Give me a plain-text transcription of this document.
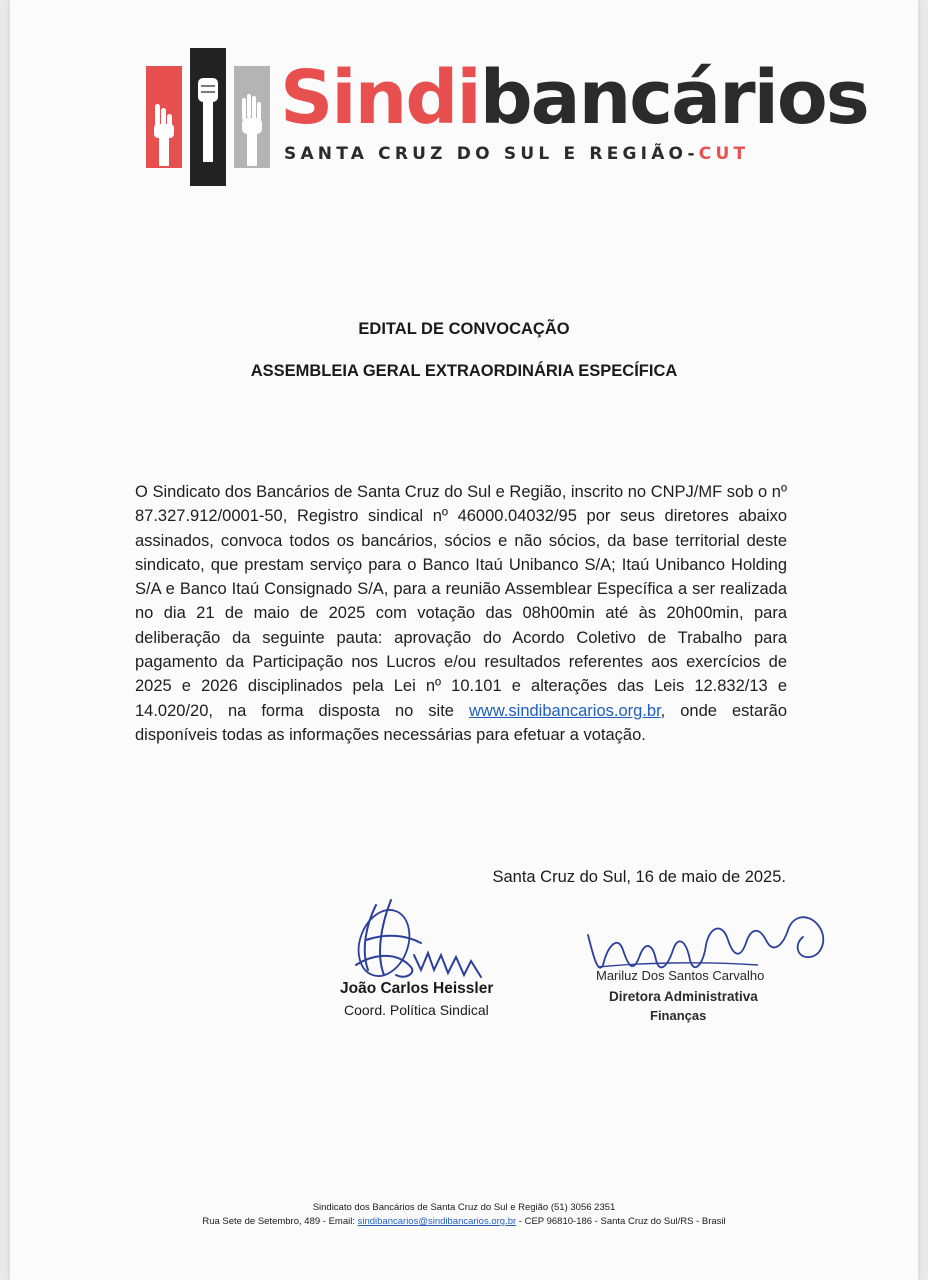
Sindibancários
SANTA CRUZ DO SUL E REGIÃO-CUT
EDITAL DE CONVOCAÇÃO
ASSEMBLEIA GERAL EXTRAORDINÁRIA ESPECÍFICA
O Sindicato dos Bancários de Santa Cruz do Sul e Região, inscrito no CNPJ/MF sob o nº 87.327.912/0001-50, Registro sindical nº 46000.04032/95 por seus diretores abaixo assinados, convoca todos os bancários, sócios e não sócios, da base territorial deste sindicato, que prestam serviço para o Banco Itaú Unibanco S/A; Itaú Unibanco Holding S/A e Banco Itaú Consignado S/A, para a reunião Assemblear Específica a ser realizada no dia 21 de maio de 2025 com votação das 08h00min até às 20h00min, para deliberação da seguinte pauta: aprovação do Acordo Coletivo de Trabalho para pagamento da Participação nos Lucros e/ou resultados referentes aos exercícios de 2025 e 2026 disciplinados pela Lei nº 10.101 e alterações das Leis 12.832/13 e 14.020/20, na forma disposta no site www.sindibancarios.org.br, onde estarão disponíveis todas as informações necessárias para efetuar a votação.
Santa Cruz do Sul, 16 de maio de 2025.
João Carlos Heissler
Coord. Política Sindical
Mariluz Dos Santos Carvalho
Diretora Administrativa
Finanças
Sindicato dos Bancários de Santa Cruz do Sul e Região (51) 3056 2351
Rua Sete de Setembro, 489 - Email: sindibancarios@sindibancarios.org.br - CEP 96810-186 - Santa Cruz do Sul/RS - Brasil
